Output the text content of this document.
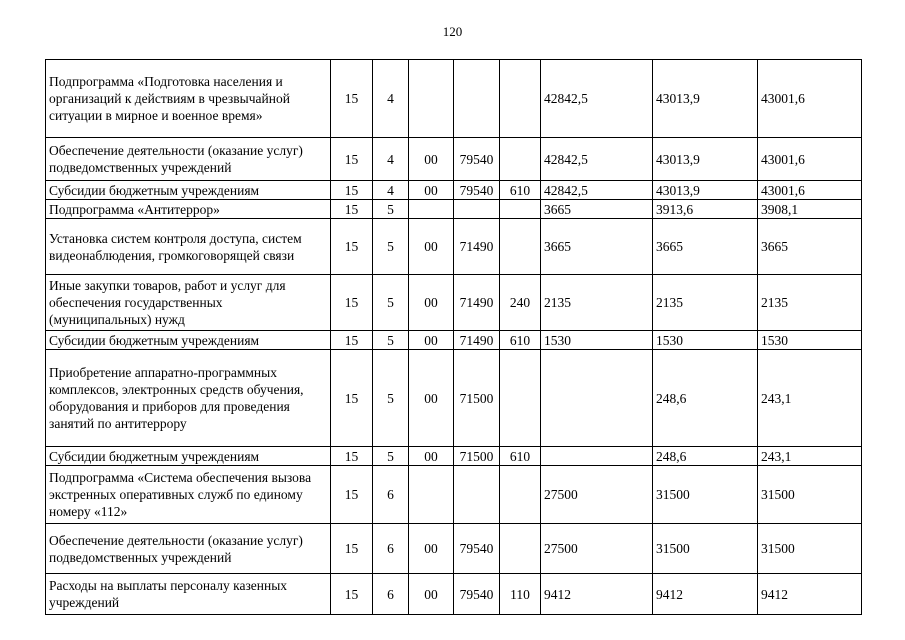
120
Подпрограмма «Подготовка населения и организаций к действиям в чрезвычайной ситуации в мирное и военное время»	15	4				42842,5	43013,9	43001,6
Обеспечение деятельности (оказание услуг) подведомственных учреждений	15	4	00	79540		42842,5	43013,9	43001,6
Субсидии бюджетным учреждениям	15	4	00	79540	610	42842,5	43013,9	43001,6
Подпрограмма «Антитеррор»	15	5				3665	3913,6	3908,1
Установка систем контроля доступа, систем видеонаблюдения, громкоговорящей связи	15	5	00	71490		3665	3665	3665
Иные закупки товаров, работ и услуг для обеспечения государственных (муниципальных) нужд	15	5	00	71490	240	2135	2135	2135
Субсидии бюджетным учреждениям	15	5	00	71490	610	1530	1530	1530
Приобретение аппаратно-программных комплексов, электронных средств обучения, оборудования и приборов для проведения занятий по антитеррору	15	5	00	71500			248,6	243,1
Субсидии бюджетным учреждениям	15	5	00	71500	610		248,6	243,1
Подпрограмма «Система обеспечения вызова экстренных оперативных служб по единому номеру «112»	15	6				27500	31500	31500
Обеспечение деятельности (оказание услуг) подведомственных учреждений	15	6	00	79540		27500	31500	31500
Расходы на выплаты персоналу казенных учреждений	15	6	00	79540	110	9412	9412	9412
